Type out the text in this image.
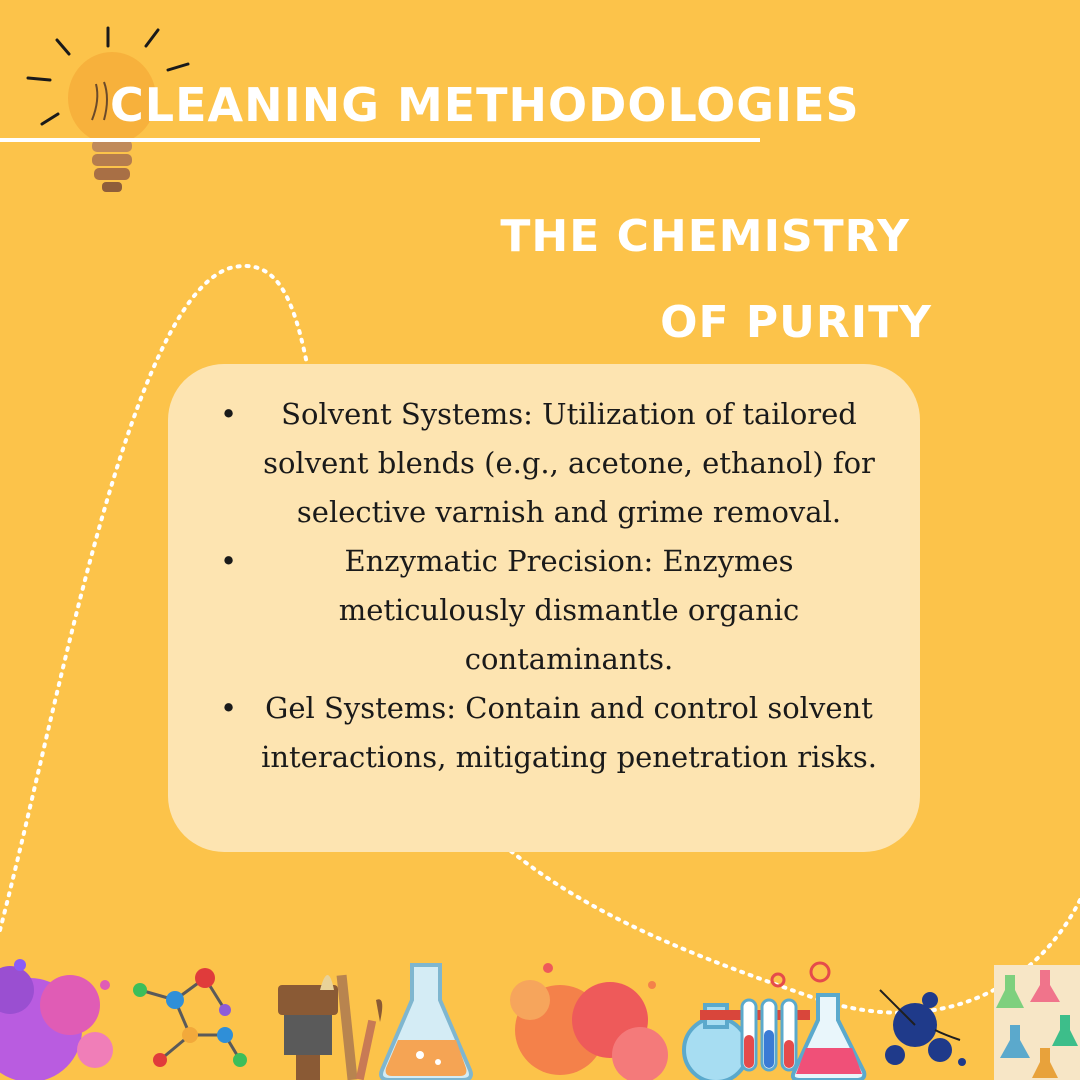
CLEANING METHODOLOGIES
THE CHEMISTRY
OF PURITY
• Solvent Systems: Utilization of tailored solvent blends (e.g., acetone, ethanol) for selective varnish and grime removal.
•	Enzymatic Precision: Enzymes meticulously dismantle organic contaminants.
• Gel Systems: Contain and control solvent interactions, mitigating penetration risks.
